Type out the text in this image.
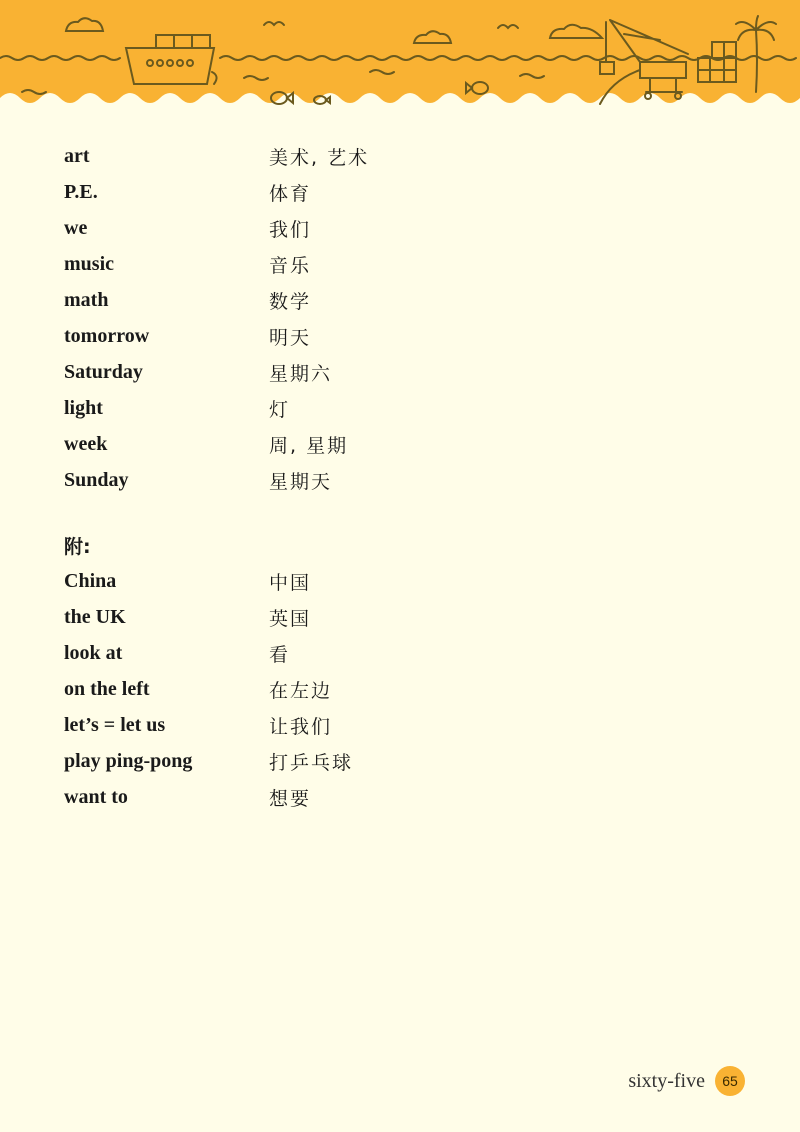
art	美术, 艺术
P.E.	体育
we	我们
music	音乐
math	数学
tomorrow	明天
Saturday	星期六
light	灯
week	周, 星期
Sunday	星期天
附:
China	中国
the UK	英国
look at	看
on the left	在左边
let’s = let us	让我们
play ping-pong	打乒乓球
want to	想要
sixty-five	65
